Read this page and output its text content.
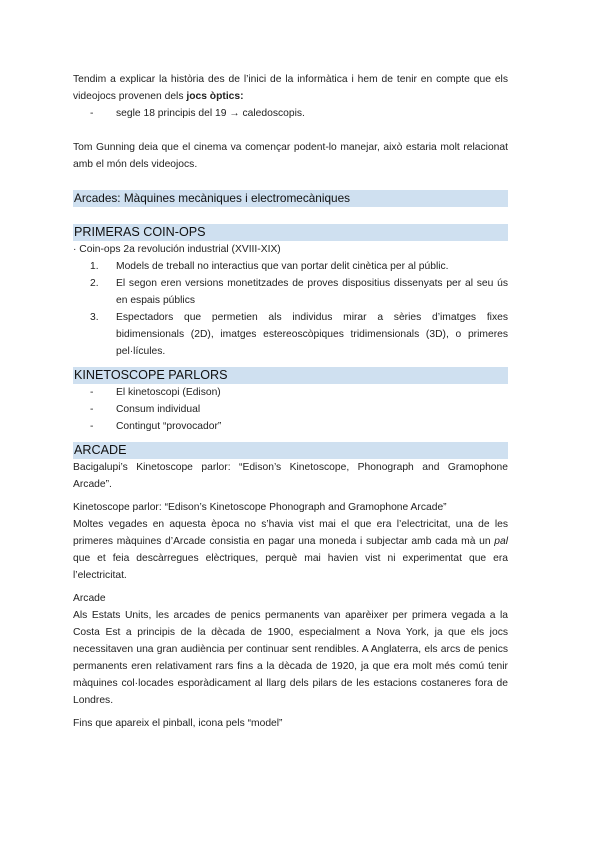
Tendim a explicar la història des de l’inici de la informàtica i hem de tenir en compte que els videojocs provenen dels jocs òptics:

- segle 18 principis del 19 → caledoscopis.

Tom Gunning deia que el cinema va començar podent-lo manejar, això estaria molt relacionat amb el món dels videojocs.

Arcades: Màquines mecàniques i electromecàniques
PRIMERAS COIN-OPS

· Coin-ops 2a revolución industrial (XVIII-XIX)

1. Models de treball no interactius que van portar delit cinètica per al públic.
2. El segon eren versions monetitzades de proves dispositius dissenyats per al seu ús en espais públics
3. Espectadors que permetien als individus mirar a sèries d’imatges fixes bidimensionals (2D), imatges estereoscòpiques tridimensionals (3D), o primeres pel·lícules.
KINETOSCOPE PARLORS
- El kinetoscopi (Edison)
- Consum individual
- Contingut “provocador”
ARCADE

Bacigalupi’s Kinetoscope parlor: “Edison’s Kinetoscope, Phonograph and Gramophone Arcade”.

Kinetoscope parlor: “Edison’s Kinetoscope Phonograph and Gramophone Arcade”

Moltes vegades en aquesta època no s’havia vist mai el que era l’electricitat, una de les primeres màquines d’Arcade consistia en pagar una moneda i subjectar amb cada mà un pal que et feia descàrregues elèctriques, perquè mai havien vist ni experimentat que era l’electricitat.

Arcade

Als Estats Units, les arcades de penics permanents van aparèixer per primera vegada a la Costa Est a principis de la dècada de 1900, especialment a Nova York, ja que els jocs necessitaven una gran audiència per continuar sent rendibles. A Anglaterra, els arcs de penics permanents eren relativament rars fins a la dècada de 1920, ja que era molt més comú tenir màquines col·locades esporàdicament al llarg dels pilars de les estacions costaneres fora de Londres.

Fins que apareix el pinball, icona pels “model”
